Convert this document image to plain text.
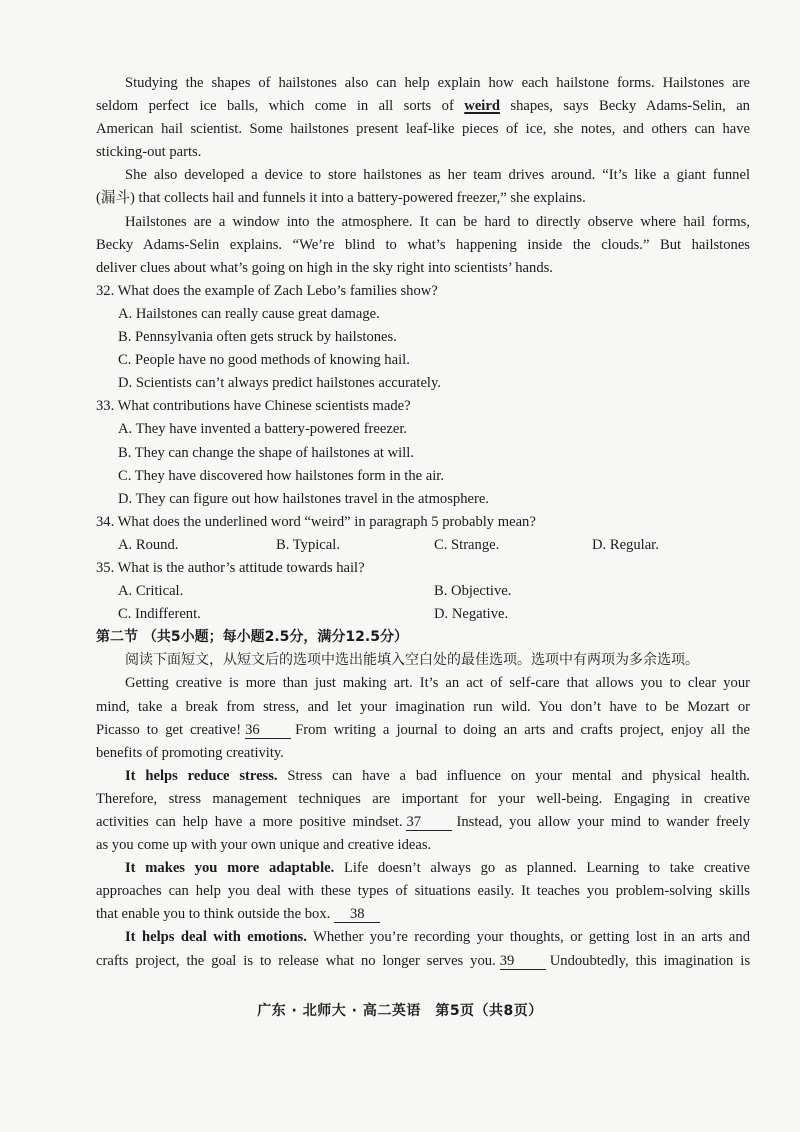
Studying the shapes of hailstones also can help explain how each hailstone forms. Hailstones are
seldom perfect ice balls, which come in all sorts of weird shapes, says Becky Adams-Selin, an
American hail scientist. Some hailstones present leaf-like pieces of ice, she notes, and others can have
sticking-out parts.
She also developed a device to store hailstones as her team drives around. “It’s like a giant funnel
(漏斗) that collects hail and funnels it into a battery-powered freezer,” she explains.
Hailstones are a window into the atmosphere. It can be hard to directly observe where hail forms,
Becky Adams-Selin explains. “We’re blind to what’s happening inside the clouds.” But hailstones
deliver clues about what’s going on high in the sky right into scientists’ hands.
32. What does the example of Zach Lebo’s families show?
A. Hailstones can really cause great damage.
B. Pennsylvania often gets struck by hailstones.
C. People have no good methods of knowing hail.
D. Scientists can’t always predict hailstones accurately.
33. What contributions have Chinese scientists made?
A. They have invented a battery-powered freezer.
B. They can change the shape of hailstones at will.
C. They have discovered how hailstones form in the air.
D. They can figure out how hailstones travel in the atmosphere.
34. What does the underlined word “weird” in paragraph 5 probably mean?
A. Round.	B. Typical.	C. Strange.	D. Regular.
35. What is the author’s attitude towards hail?
A. Critical.	B. Objective.
C. Indifferent.	D. Negative.
第二节 （共5小题；每小题2.5分，满分12.5分）
阅读下面短文，从短文后的选项中选出能填入空白处的最佳选项。选项中有两项为多余选项。
Getting creative is more than just making art. It’s an act of self-care that allows you to clear your
mind, take a break from stress, and let your imagination run wild. You don’t have to be Mozart or
Picasso to get creative! 36 From writing a journal to doing an arts and crafts project, enjoy all the
benefits of promoting creativity.
It helps reduce stress. Stress can have a bad influence on your mental and physical health.
Therefore, stress management techniques are important for your well-being. Engaging in creative
activities can help have a more positive mindset. 37 Instead, you allow your mind to wander freely
as you come up with your own unique and creative ideas.
It makes you more adaptable. Life doesn’t always go as planned. Learning to take creative
approaches can help you deal with these types of situations easily. It teaches you problem-solving skills
that enable you to think outside the box. 38
It helps deal with emotions. Whether you’re recording your thoughts, or getting lost in an arts and
crafts project, the goal is to release what no longer serves you. 39 Undoubtedly, this imagination is
广东 · 北师大 · 高二英语　第5页（共8页）
